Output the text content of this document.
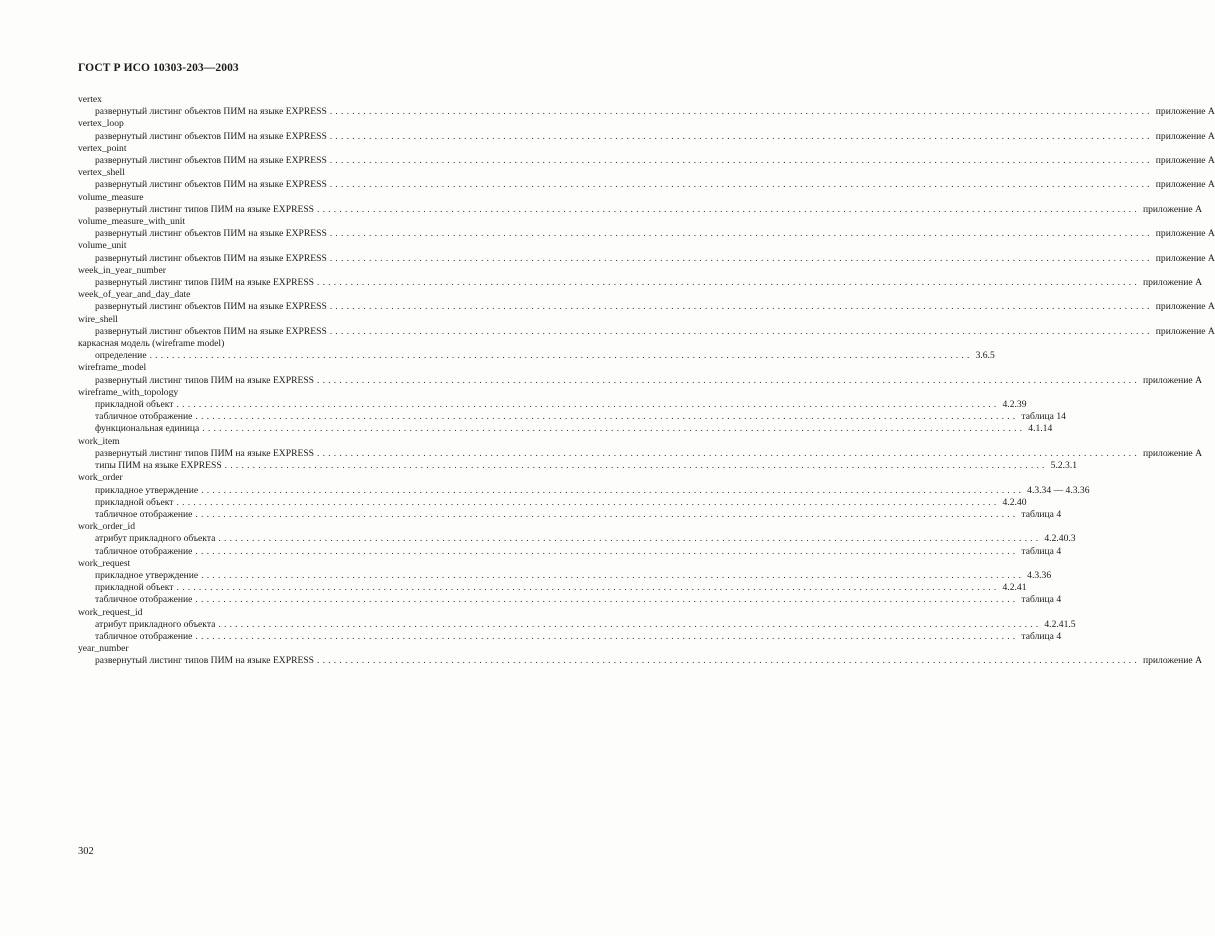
ГОСТ Р ИСО 10303-203—2003
vertex
развернутый листинг объектов ПИМ на языке EXPRESS ................................................................................................................................................... приложение A
vertex_loop
развернутый листинг объектов ПИМ на языке EXPRESS ................................................................................................................................................... приложение A
vertex_point
развернутый листинг объектов ПИМ на языке EXPRESS ................................................................................................................................................... приложение A
vertex_shell
развернутый листинг объектов ПИМ на языке EXPRESS ................................................................................................................................................... приложение A
volume_measure
развернутый листинг типов ПИМ на языке EXPRESS ................................................................................................................................................... приложение A
volume_measure_with_unit
развернутый листинг объектов ПИМ на языке EXPRESS ................................................................................................................................................... приложение A
volume_unit
развернутый листинг объектов ПИМ на языке EXPRESS ................................................................................................................................................... приложение A
week_in_year_number
развернутый листинг типов ПИМ на языке EXPRESS ................................................................................................................................................... приложение A
week_of_year_and_day_date
развернутый листинг объектов ПИМ на языке EXPRESS ................................................................................................................................................... приложение A
wire_shell
развернутый листинг объектов ПИМ на языке EXPRESS ................................................................................................................................................... приложение A
каркасная модель (wireframe model)
определение ................................................................................................................................................... 3.6.5
wireframe_model
развернутый листинг типов ПИМ на языке EXPRESS ................................................................................................................................................... приложение A
wireframe_with_topology
прикладной объект ................................................................................................................................................... 4.2.39
табличное отображение ................................................................................................................................................... таблица 14
функциональная единица ................................................................................................................................................... 4.1.14
work_item
развернутый листинг типов ПИМ на языке EXPRESS ................................................................................................................................................... приложение A
типы ПИМ на языке EXPRESS ................................................................................................................................................... 5.2.3.1
work_order
прикладное утверждение ................................................................................................................................................... 4.3.34 — 4.3.36
прикладной объект ................................................................................................................................................... 4.2.40
табличное отображение ................................................................................................................................................... таблица 4
work_order_id
атрибут прикладного объекта ................................................................................................................................................... 4.2.40.3
табличное отображение ................................................................................................................................................... таблица 4
work_request
прикладное утверждение ................................................................................................................................................... 4.3.36
прикладной объект ................................................................................................................................................... 4.2.41
табличное отображение ................................................................................................................................................... таблица 4
work_request_id
атрибут прикладного объекта ................................................................................................................................................... 4.2.41.5
табличное отображение ................................................................................................................................................... таблица 4
year_number
развернутый листинг типов ПИМ на языке EXPRESS ................................................................................................................................................... приложение A
302
